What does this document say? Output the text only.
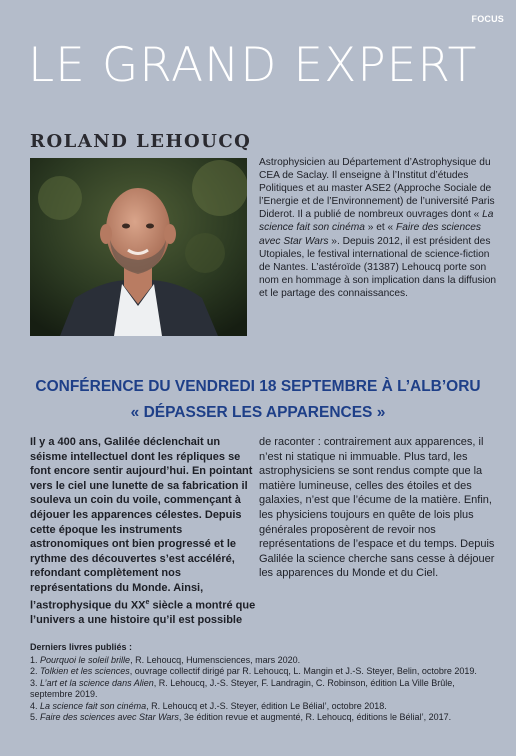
FOCUS
LE GRAND EXPERT
ROLAND LEHOUCQ
Astrophysicien au Département d’Astrophysique du CEA de Saclay. Il enseigne à l’Institut d’études Politiques et au master ASE2 (Approche Sociale de l’Energie et de l’Environnement) de l’université Paris Diderot. Il a publié de nombreux ouvrages dont « La science fait son cinéma » et « Faire des sciences avec Star Wars ». Depuis 2012, il est président des Utopiales, le festival international de science-fiction de Nantes. L’astéroïde (31387) Lehoucq porte son nom en hommage à son implication dans la diffusion et le partage des connaissances.
CONFÉRENCE DU VENDREDI 18 SEPTEMBRE À L’ALB’ORU
« DÉPASSER LES APPARENCES »
Il y a 400 ans, Galilée déclenchait un séisme intellectuel dont les répliques se font encore sentir aujourd’hui. En pointant vers le ciel une lunette de sa fabrication il souleva un coin du voile, commençant à déjouer les apparences célestes. Depuis cette époque les instruments astronomiques ont bien progressé et le rythme des découvertes s’est accéléré, refondant complètement nos représentations du Monde. Ainsi, l’astrophysique du XXe siècle a montré que l’univers a une histoire qu’il est possible
de raconter : contrairement aux apparences, il n’est ni statique ni immuable. Plus tard, les astrophysiciens se sont rendus compte que la matière lumineuse, celles des étoiles et des galaxies, n’est que l’écume de la matière. Enfin, les physiciens toujours en quête de lois plus générales proposèrent de revoir nos représentations de l’espace et du temps. Depuis Galilée la science cherche sans cesse à déjouer les apparences du Monde et du Ciel.
Derniers livres publiés :
1. Pourquoi le soleil brille, R. Lehoucq, Humensciences, mars 2020.
2. Tolkien et les sciences, ouvrage collectif dirigé par R. Lehoucq, L. Mangin et J.-S. Steyer, Belin, octobre 2019.
3. L’art et la science dans Alien, R. Lehoucq, J.-S. Steyer, F. Landragin, C. Robinson, édition La Ville Brûle, septembre 2019.
4. La science fait son cinéma, R. Lehoucq et J.-S. Steyer, édition Le Bélial’, octobre 2018.
5. Faire des sciences avec Star Wars, 3e édition revue et augmenté, R. Lehoucq, éditions le Bélial’, 2017.
